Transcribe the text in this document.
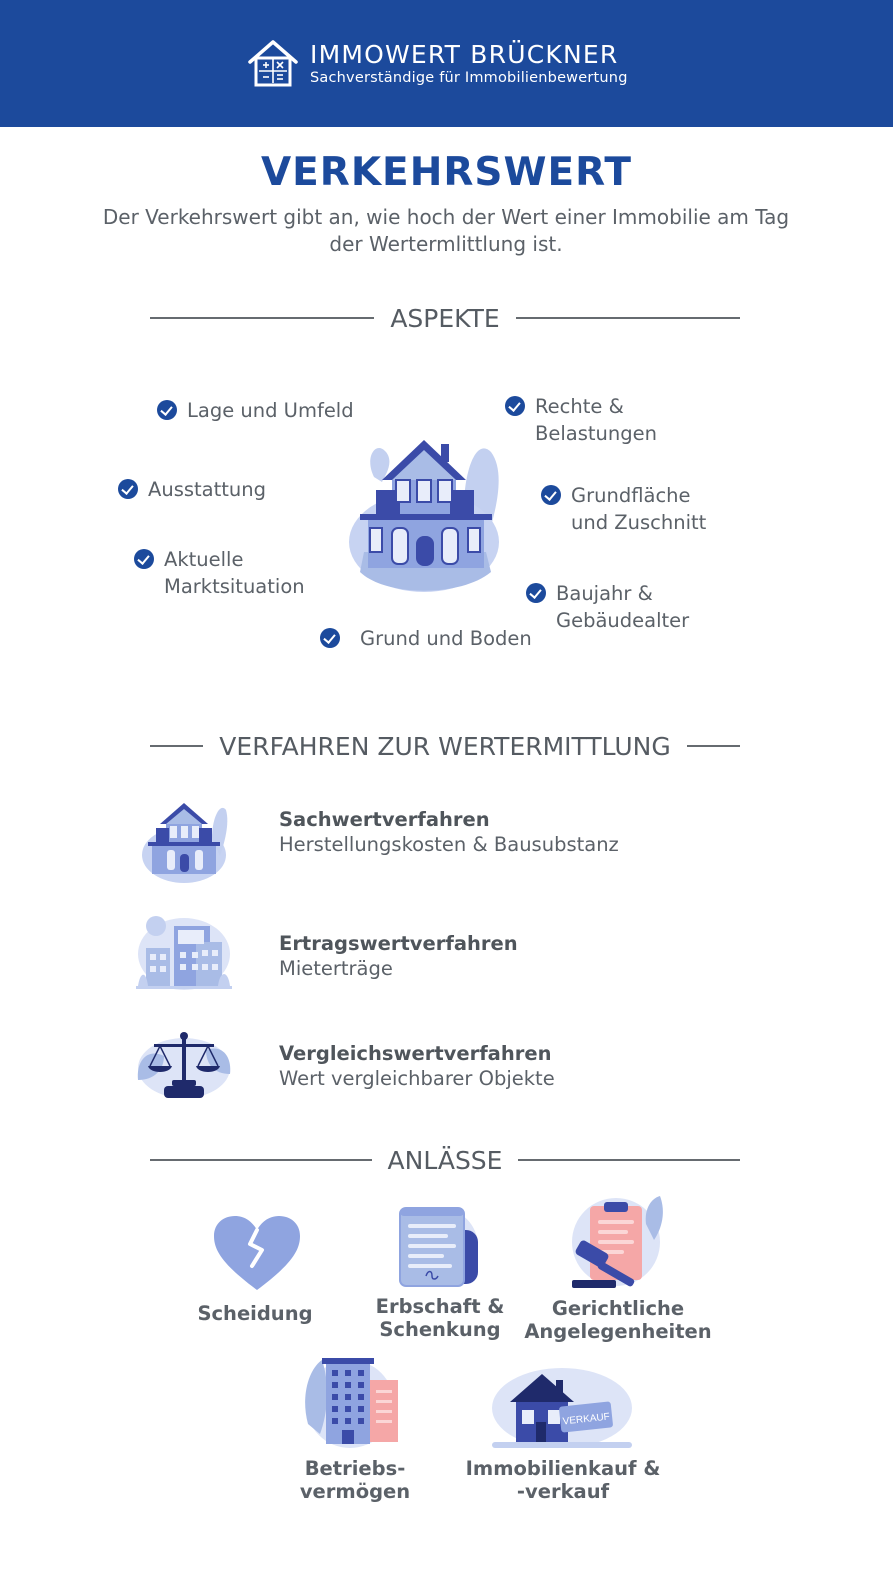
IMMOWERT BRÜCKNER
Sachverständige für Immobilienbewertung
VERKEHRSWERT
Der Verkehrswert gibt an, wie hoch der Wert einer Immobilie am Tag der Wertermlittlung ist.
ASPEKTE
Lage und Umfeld	Rechte &
Belastungen
Ausstattung	Grundfläche
und Zuschnitt
Aktuelle
Marktsituation	Baujahr &
Gebäudealter
Grund und Boden
VERFAHREN ZUR WERTERMITTLUNG
Sachwertverfahren
Herstellungskosten & Bausubstanz
Ertragswertverfahren
Mieterträge
Vergleichswertverfahren
Wert vergleichbarer Objekte
ANLÄSSE
Scheidung	Erbschaft &
Schenkung
Gerichtliche
Angelegenheiten
Betriebs-
vermögen
VERKAUF
Immobilienkauf &
-verkauf
